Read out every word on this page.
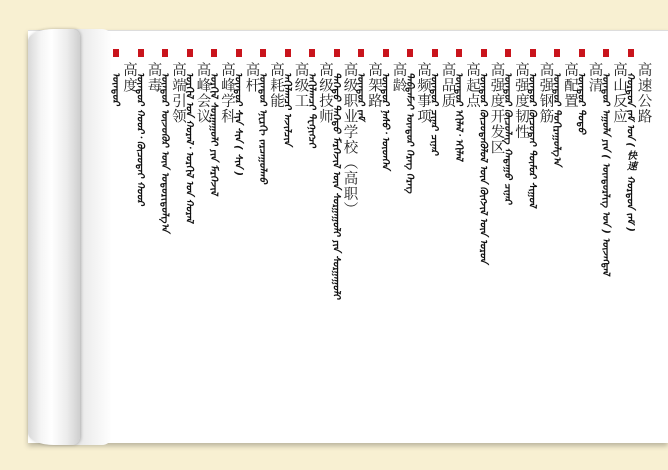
高度
ᠥᠨᠳᠥᠷ 高毒
ᠥᠨᠳᠥᠷ ᠬᠣᠣᠷ᠂ ᠬᠦᠴᠦᠲᠡᠢ ᠬᠣᠣᠷ 高端引领
ᠥᠨᠳᠥᠷ ᠦᠵᠦᠭᠦᠷ ᠦᠨ ᠤᠳᠤᠷᠢᠳᠤᠯᠭ᠎ᠠ 高峰会议
ᠣᠷᠭᠢᠯ ᠤᠨ ᠬᠤᠷᠠᠯ᠂ ᠣᠷᠭᠢᠯ ᠤᠨ ᠬᠤᠷᠠᠯ 高峰学科
ᠣᠷᠭᠢᠯ ᠰᠤᠷᠭᠠᠭᠤᠯᠢ ᠶᠢᠨ ᠮᠡᠷᠭᠡᠵᠢᠯ 高杆
ᠥᠨᠳᠥᠷ ᠰᠢᠨ ᠰᠢᠨ ( ᠰᠢᠨ ) 高耗能
ᠥᠨᠳᠥᠷ ᠡᠨᠧᠷᠭᠢ ᠵᠠᠷᠴᠠᠭᠤᠯᠬᠤ 高级工
ᠠᠬᠢᠯᠠᠭᠴᠢ ᠠᠵᠢᠯᠴᠢᠨ 高级技师
ᠠᠬᠢᠯᠠᠭᠴᠢ ᠲᠧᠬᠨᠢᠭᠴᠢ 高级职业学校（高职）
ᠳᠡᠭᠡᠳᠦ ᠳᠡᠭᠡᠳᠦ ᠮᠡᠷᠭᠡᠵᠢᠯ ᠦᠨ ᠰᠤᠷᠭᠠᠭᠤᠯᠢ ᠶᠢᠨ ᠰᠤᠷᠭᠠᠭᠤᠯᠢ 高架路
ᠥᠨᠳᠥᠷ ᠵᠠᠮ 高龄
ᠥᠨᠳᠥᠷ ᠨᠠᠰᠤ᠂ ᠥᠳᠬᠡᠨ 高频事项
ᠳᠠᠪᠲᠠᠮᠵᠢ ᠥᠨᠳᠥᠷ ᠬᠡᠷᠡᠭ ᠬᠡᠷᠡᠭ 高品质
ᠥᠨᠳᠥᠷ ᠴᠢᠨᠠᠷ ᠴᠢᠨᠠᠷ 高起点
ᠥᠨᠳᠥᠷ ᠡᠬᠢᠯᠡᠯ᠂ ᠡᠬᠢᠯᠡᠯ 高强度开发区
ᠥᠨᠳᠥᠷ ᠬᠦᠴᠦᠳᠡᠭᠦᠯᠦᠯ ᠦᠨ ᠬᠥᠭᠵᠢᠯ ᠦᠨ ᠣᠷᠣᠨ 高强度韧性
ᠥᠨᠳᠥᠷ ᠬᠦᠴᠦᠯᠡᠭ ᠬᠠᠲᠠᠭᠤ ᠴᠢᠨᠠᠷ 高强钢筋
ᠥᠨᠳᠥᠷ ᠬᠦᠴᠦᠲᠡᠢ ᠲᠥᠮᠥᠷ ᠰᠢᠭᠤᠯ 高配置
ᠥᠨᠳᠥᠷ ᠲᠣᠬᠢᠷᠠᠭᠤᠯᠭ᠎ᠠ 高清
ᠥᠨᠳᠥᠷ ᠲᠣᠳᠣ 高山反应
ᠥᠨᠳᠥᠷ ᠠᠭᠤᠯᠠ ᠶᠢᠨ ( ᠥᠨᠳᠥᠷᠯᠢᠭ ᠤᠨ ) ᠦᠵᠡᠭᠳᠡᠯ 高速公路
ᠬᠤᠷᠳᠤᠨ ᠵᠠᠮ ᠤᠨ ( 快速 ᠬᠤᠷᠳᠤᠨ ᠵᠠᠮ )
